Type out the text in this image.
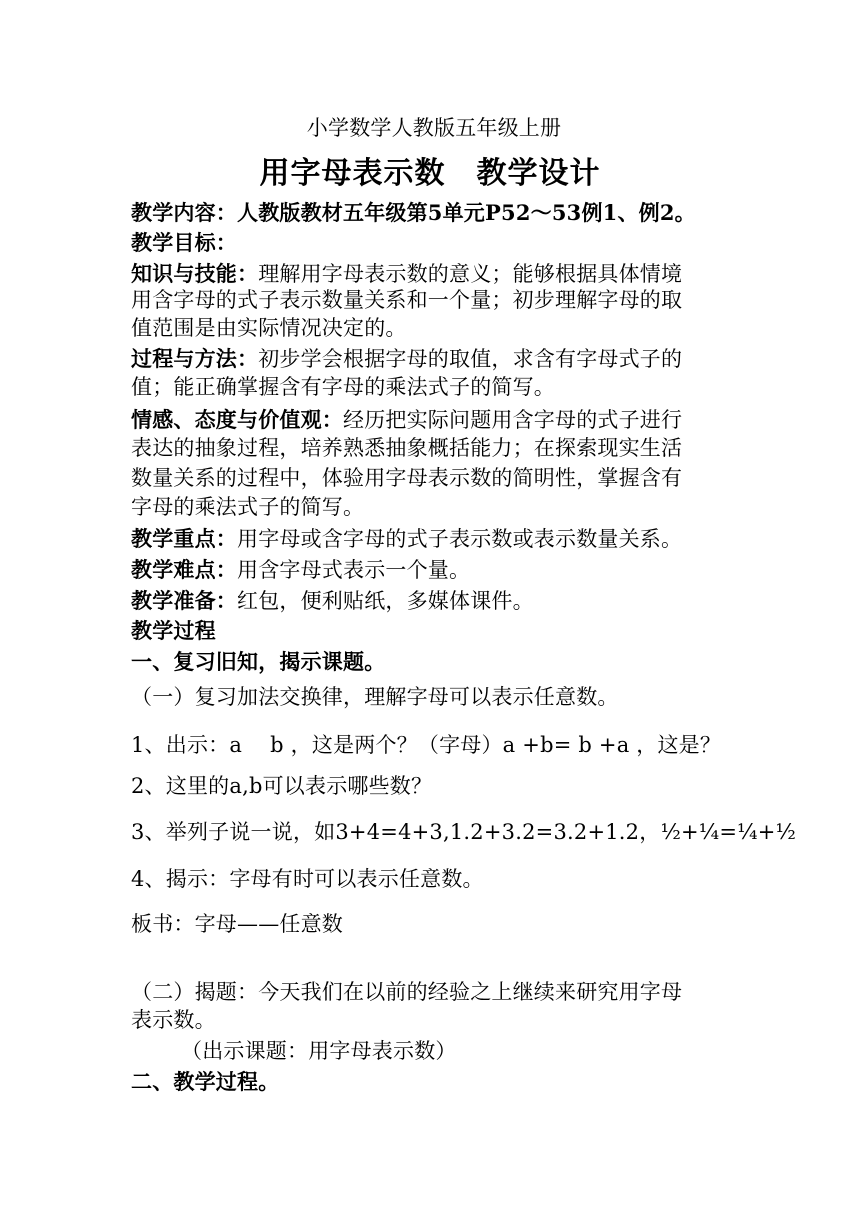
小学数学人教版五年级上册
用字母表示数　教学设计
教学内容：人教版教材五年级第5单元P52～53例1、例2。
教学目标：
知识与技能：理解用字母表示数的意义；能够根据具体情境
用含字母的式子表示数量关系和一个量；初步理解字母的取
值范围是由实际情况决定的。
过程与方法：初步学会根据字母的取值，求含有字母式子的
值；能正确掌握含有字母的乘法式子的简写。
情感、态度与价值观：经历把实际问题用含字母的式子进行
表达的抽象过程，培养熟悉抽象概括能力；在探索现实生活
数量关系的过程中，体验用字母表示数的简明性，掌握含有
字母的乘法式子的简写。
教学重点：用字母或含字母的式子表示数或表示数量关系。
教学难点：用含字母式表示一个量。
教学准备：红包，便利贴纸，多媒体课件。
教学过程
一、复习旧知，揭示课题。
（一）复习加法交换律，理解字母可以表示任意数。
1、出示：a　 b ，这是两个？（字母）a +b= b +a ，这是？
2、这里的a,b可以表示哪些数？
3、举列子说一说，如3+4=4+3,1.2+3.2=3.2+1.2，½+¼=¼+½
4、揭示：字母有时可以表示任意数。
板书：字母——任意数
（二）揭题：今天我们在以前的经验之上继续来研究用字母
表示数。
（出示课题：用字母表示数）
二、教学过程。
